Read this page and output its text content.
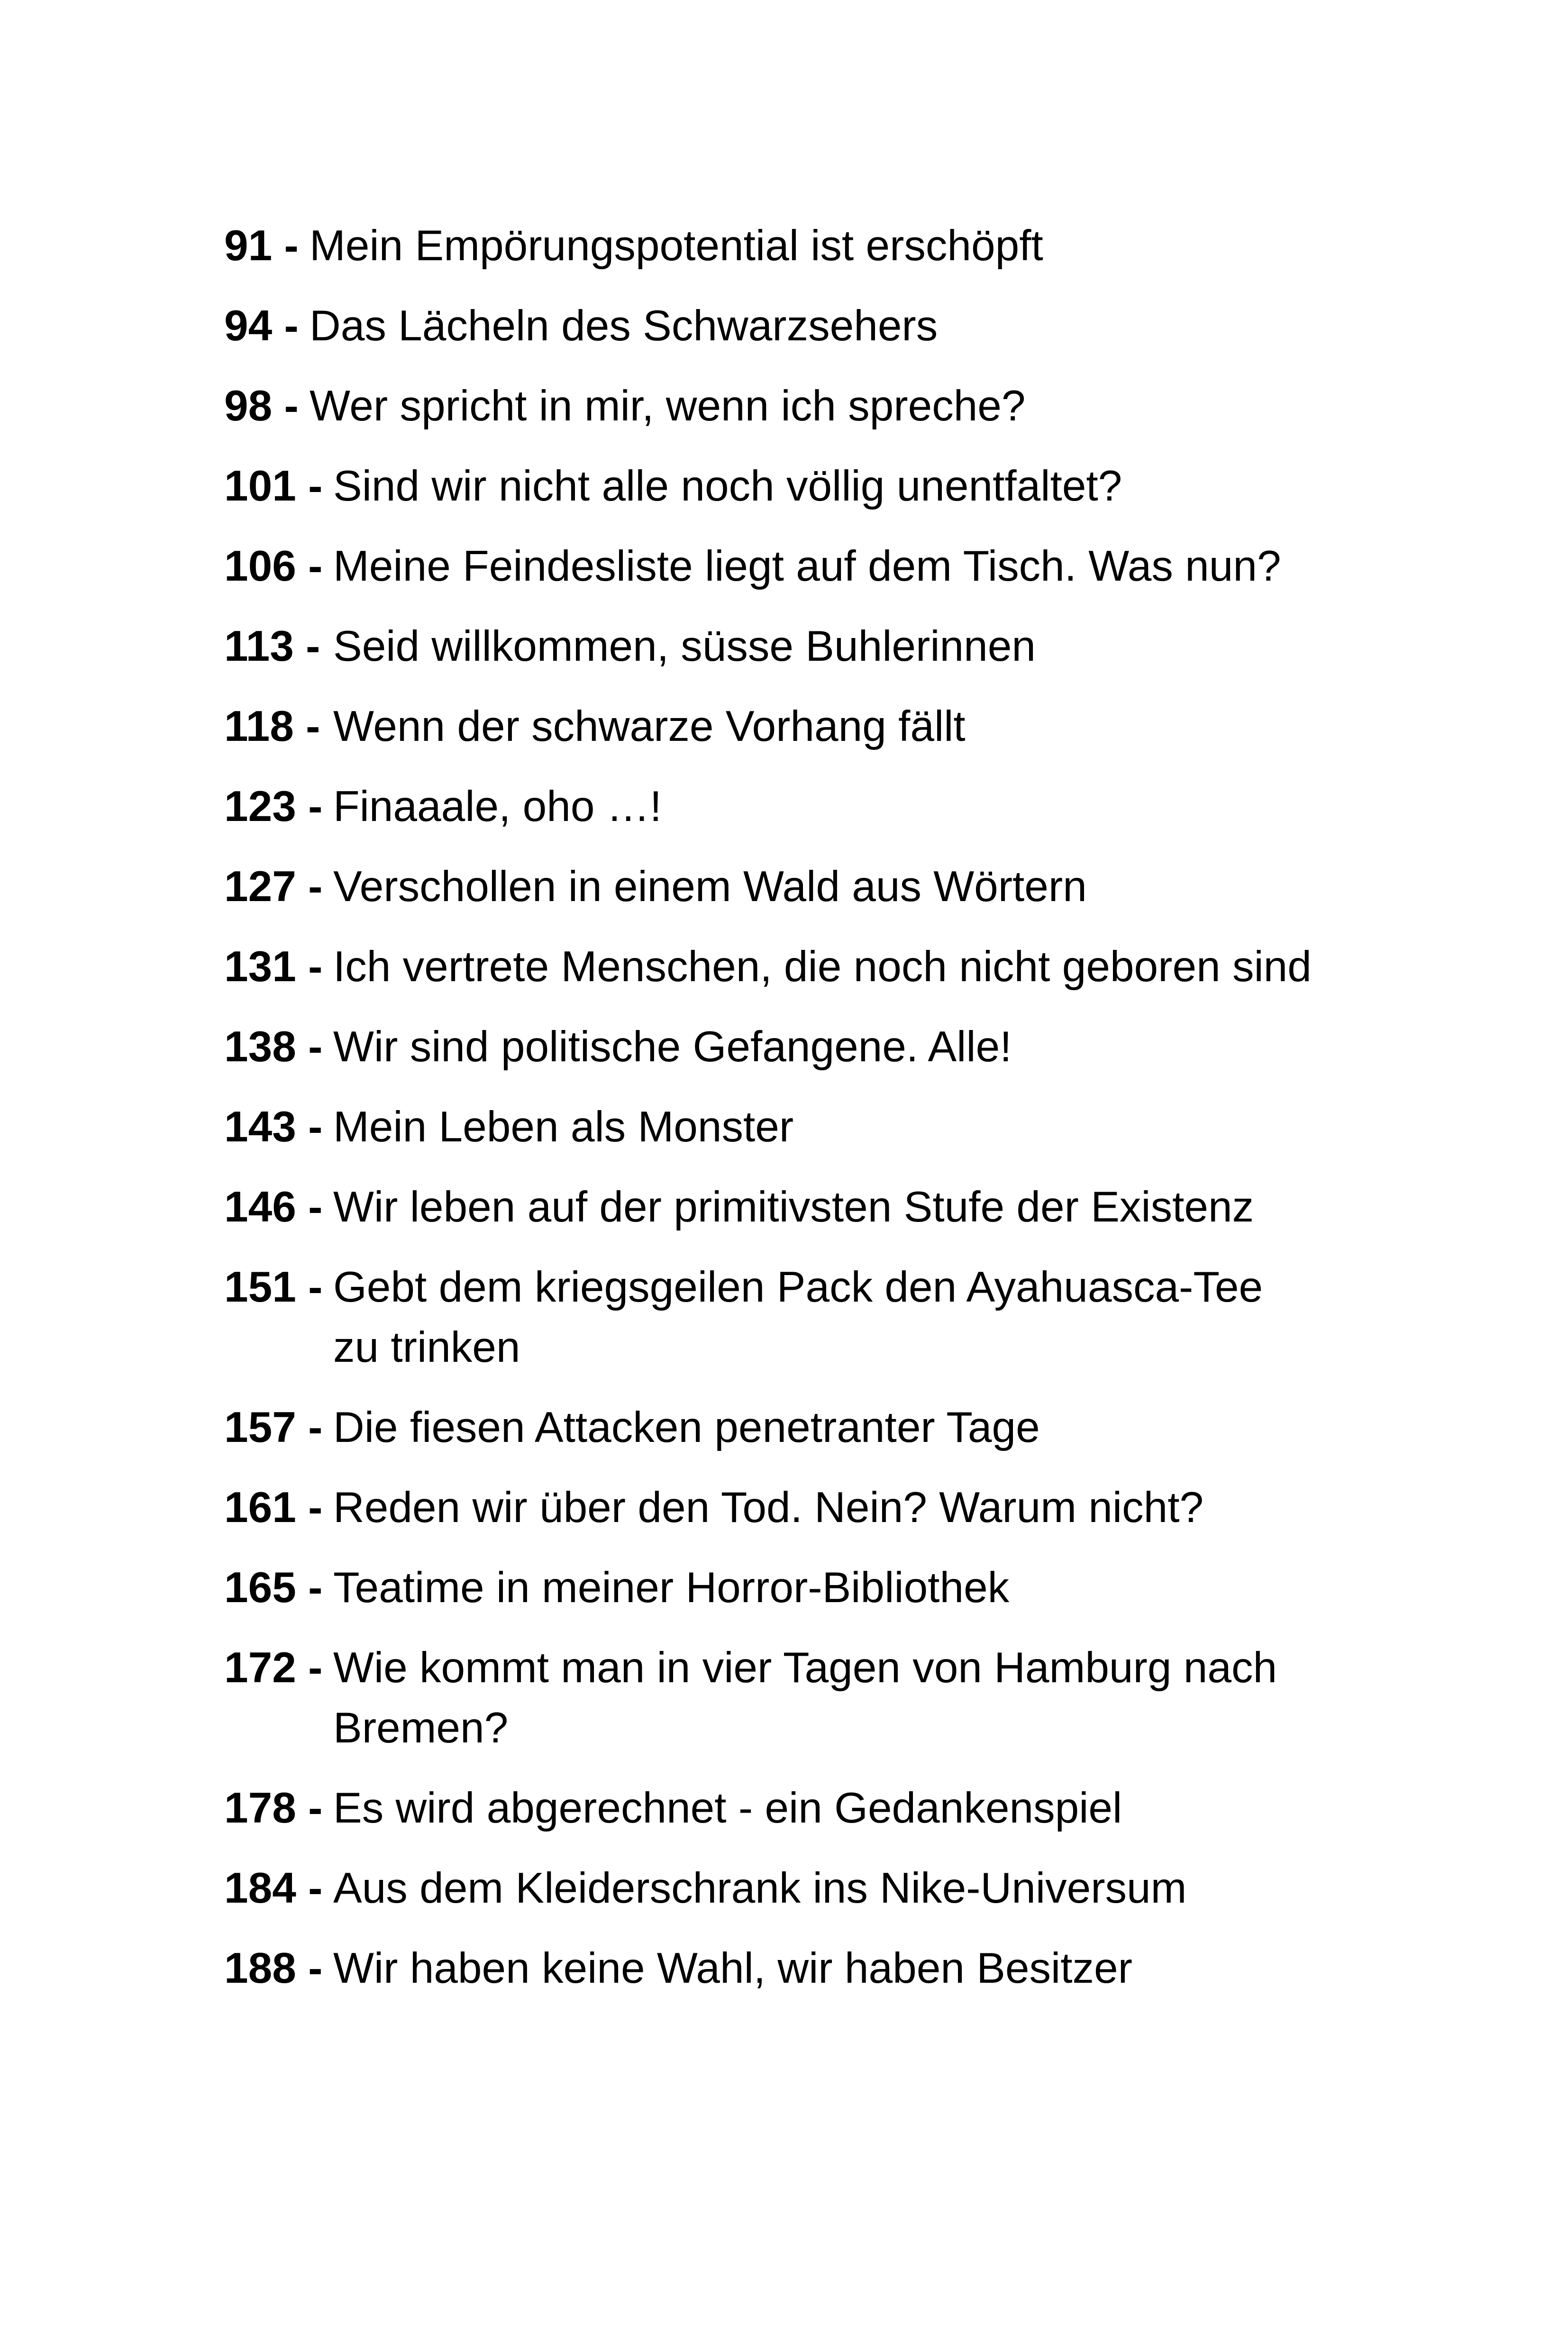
91 - Mein Empörungspotential ist erschöpft
94 - Das Lächeln des Schwarzsehers
98 - Wer spricht in mir, wenn ich spreche?
101 - Sind wir nicht alle noch völlig unentfaltet?
106 - Meine Feindesliste liegt auf dem Tisch. Was nun?
113 - Seid willkommen, süsse Buhlerinnen
118 - Wenn der schwarze Vorhang fällt
123 - Finaaale, oho …!
127 - Verschollen in einem Wald aus Wörtern
131 - Ich vertrete Menschen, die noch nicht geboren sind
138 - Wir sind politische Gefangene. Alle!
143 - Mein Leben als Monster
146 - Wir leben auf der primitivsten Stufe der Existenz
151 - Gebt dem kriegsgeilen Pack den Ayahuasca-Tee
zu trinken
157 - Die fiesen Attacken penetranter Tage
161 - Reden wir über den Tod. Nein? Warum nicht?
165 - Teatime in meiner Horror-Bibliothek
172 - Wie kommt man in vier Tagen von Hamburg nach
Bremen?
178 - Es wird abgerechnet - ein Gedankenspiel
184 - Aus dem Kleiderschrank ins Nike-Universum
188 - Wir haben keine Wahl, wir haben Besitzer
